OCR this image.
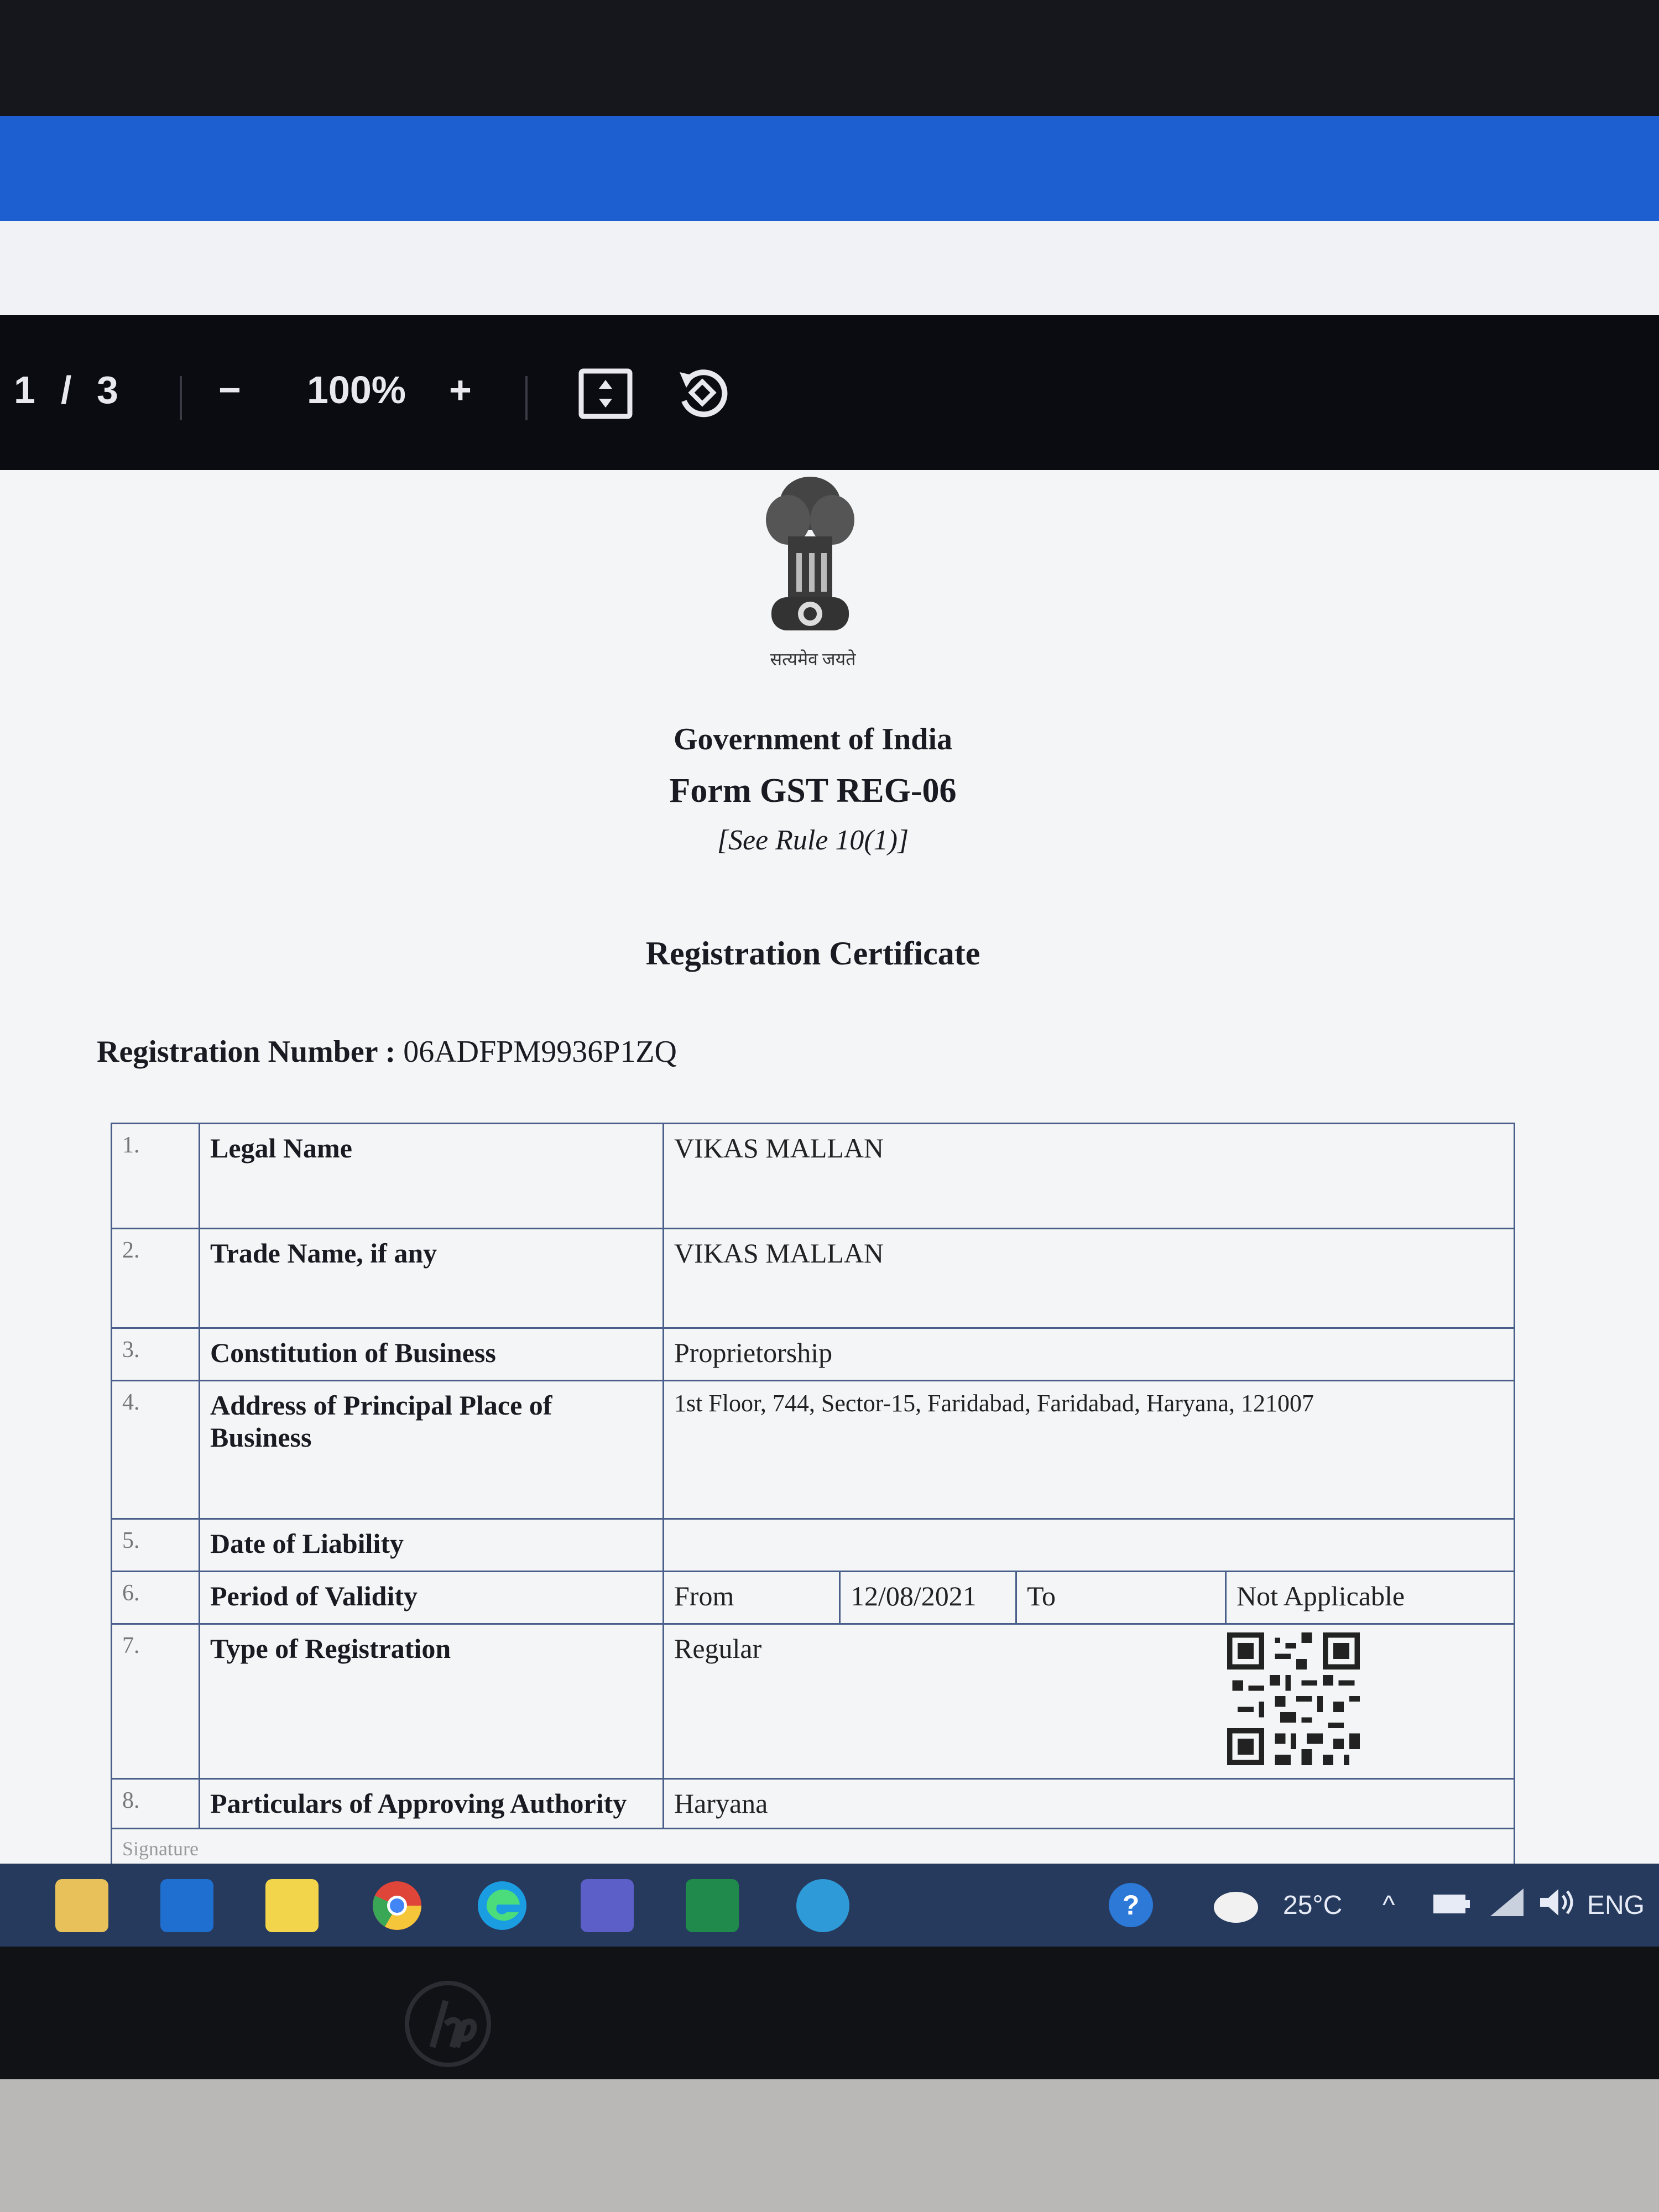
1 / 3	− 100% +
सत्यमेव जयते
Government of India
Form GST REG-06
[See Rule 10(1)]
Registration Certificate
Registration Number : 06ADFPM9936P1ZQ
1.	Legal Name	VIKAS MALLAN			
2.	Trade Name, if any	VIKAS MALLAN			
3.	Constitution of Business	Proprietorship			
4.	Address of Principal Place of Business	1st Floor, 744, Sector-15, Faridabad, Faridabad, Haryana, 121007			
5.	Date of Liability				
6.	Period of Validity	From	12/08/2021	To	Not Applicable
7.	Type of Registration	Regular			
8.	Particulars of Approving Authority	Haryana			
Signature					
?	25°C ^	ENG
